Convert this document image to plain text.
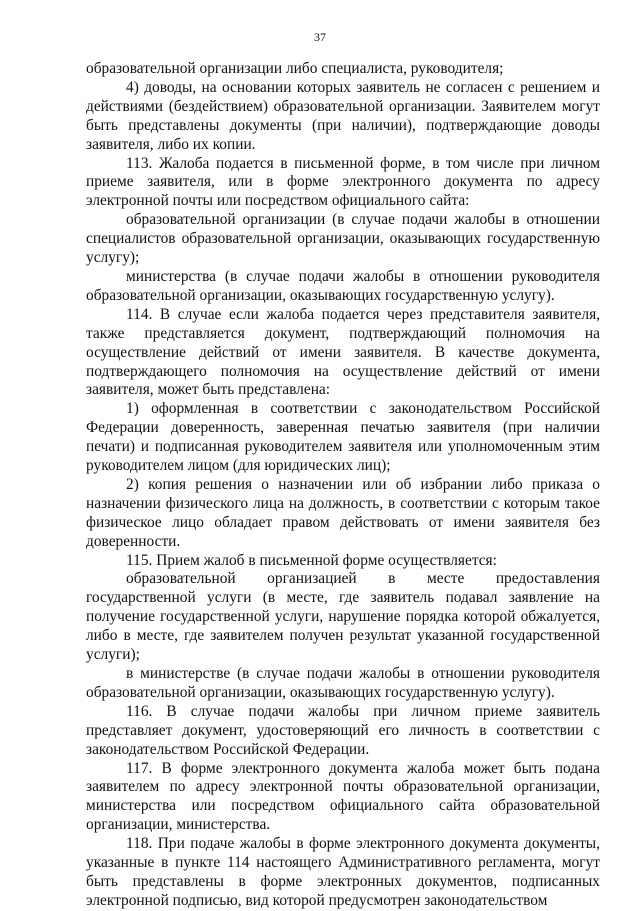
37

образовательной организации либо специалиста, руководителя;

4) доводы, на основании которых заявитель не согласен с решением и действиями (бездействием) образовательной организации. Заявителем могут быть представлены документы (при наличии), подтверждающие доводы заявителя, либо их копии.

113. Жалоба подается в письменной форме, в том числе при личном приеме заявителя, или в форме электронного документа по адресу электронной почты или посредством официального сайта:

образовательной организации (в случае подачи жалобы в отношении специалистов образовательной организации, оказывающих государственную услугу);

министерства (в случае подачи жалобы в отношении руководителя образовательной организации, оказывающих государственную услугу).

114. В случае если жалоба подается через представителя заявителя, также представляется документ, подтверждающий полномочия на осуществление действий от имени заявителя. В качестве документа, подтверждающего полномочия на осуществление действий от имени заявителя, может быть представлена:

1) оформленная в соответствии с законодательством Российской Федерации доверенность, заверенная печатью заявителя (при наличии печати) и подписанная руководителем заявителя или уполномоченным этим руководителем лицом (для юридических лиц);

2) копия решения о назначении или об избрании либо приказа о назначении физического лица на должность, в соответствии с которым такое физическое лицо обладает правом действовать от имени заявителя без доверенности.

115. Прием жалоб в письменной форме осуществляется:

образовательной организацией в месте предоставления государственной услуги (в месте, где заявитель подавал заявление на получение государственной услуги, нарушение порядка которой обжалуется, либо в месте, где заявителем получен результат указанной государственной услуги);

в министерстве (в случае подачи жалобы в отношении руководителя образовательной организации, оказывающих государственную услугу).

116. В случае подачи жалобы при личном приеме заявитель представляет документ, удостоверяющий его личность в соответствии с законодательством Российской Федерации.

117. В форме электронного документа жалоба может быть подана заявителем по адресу электронной почты образовательной организации, министерства или посредством официального сайта образовательной организации, министерства.

118. При подаче жалобы в форме электронного документа документы, указанные в пункте 114 настоящего Административного регламента, могут быть представлены в форме электронных документов, подписанных электронной подписью, вид которой предусмотрен законодательством
